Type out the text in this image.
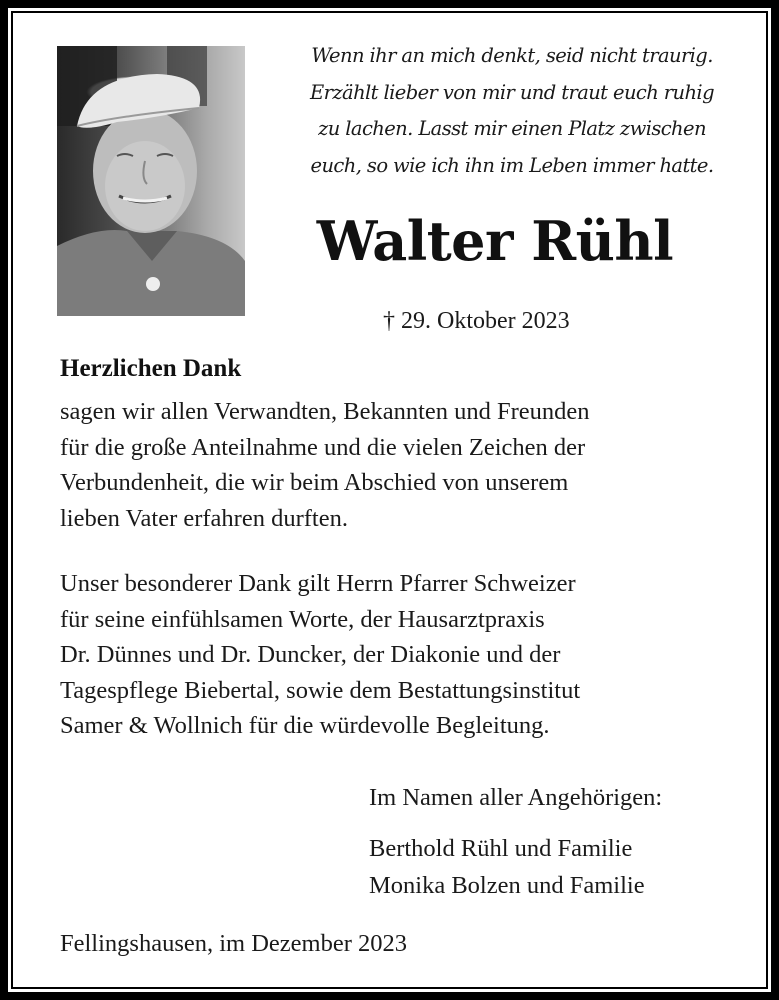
Wenn ihr an mich denkt, seid nicht traurig.
Erzählt lieber von mir und traut euch ruhig
zu lachen. Lasst mir einen Platz zwischen
euch, so wie ich ihn im Leben immer hatte.
Walter Rühl
† 29. Oktober 2023
Herzlichen Dank
sagen wir allen Verwandten, Bekannten und Freunden
für die große Anteilnahme und die vielen Zeichen der
Verbundenheit, die wir beim Abschied von unserem
lieben Vater erfahren durften.
Unser besonderer Dank gilt Herrn Pfarrer Schweizer
für seine einfühlsamen Worte, der Hausarztpraxis
Dr. Dünnes und Dr. Duncker, der Diakonie und der
Tagespflege Biebertal, sowie dem Bestattungsinstitut
Samer & Wollnich für die würdevolle Begleitung.
Im Namen aller Angehörigen:
Berthold Rühl und Familie
Monika Bolzen und Familie
Fellingshausen, im Dezember 2023
